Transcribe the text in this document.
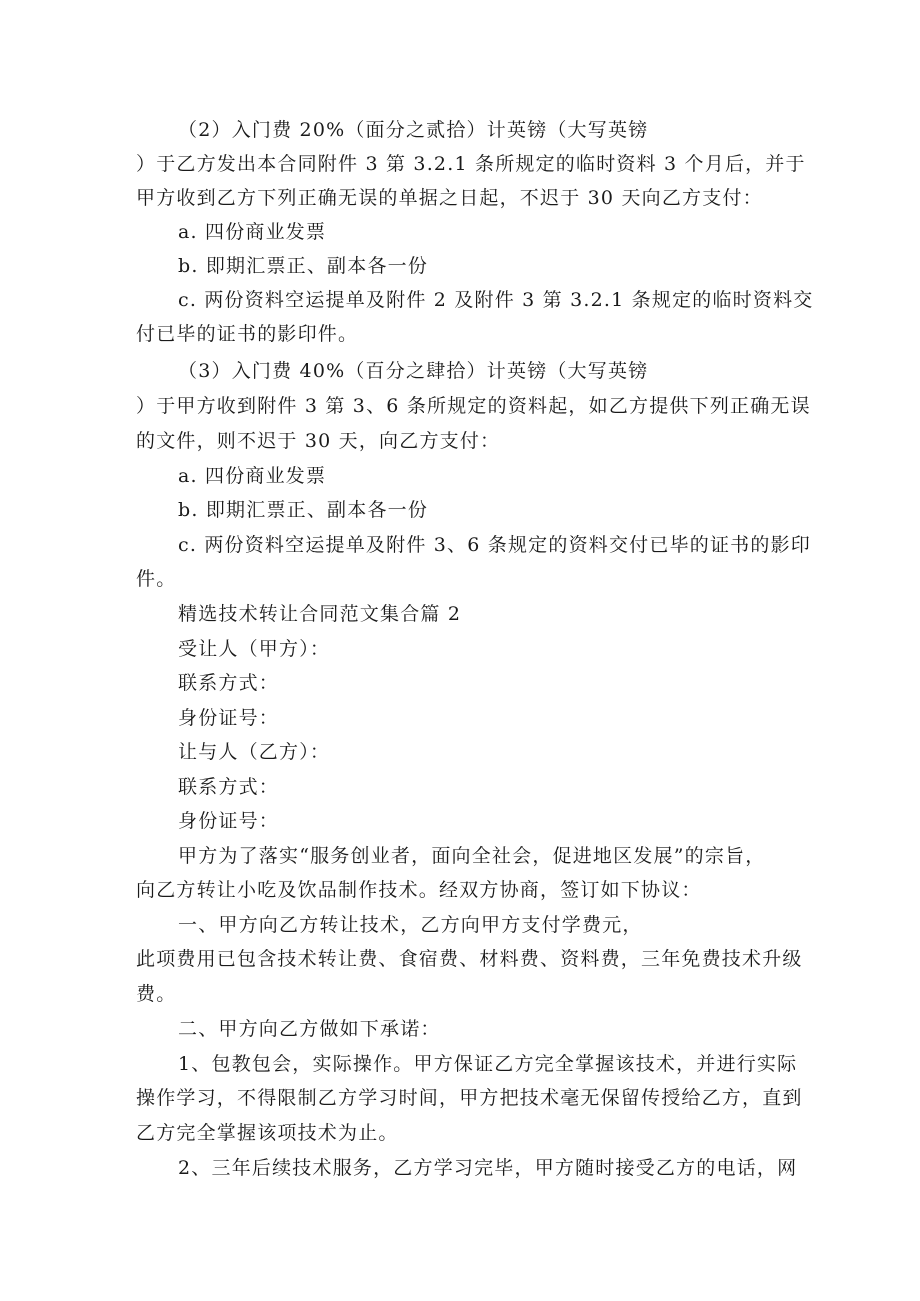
（2）入门费 20%（面分之贰拾）计英镑（大写英镑
）于乙方发出本合同附件 3 第 3.2.1 条所规定的临时资料 3 个月后，并于
甲方收到乙方下列正确无误的单据之日起，不迟于 30 天向乙方支付：
a. 四份商业发票
b. 即期汇票正、副本各一份
c. 两份资料空运提单及附件 2 及附件 3 第 3.2.1 条规定的临时资料交
付已毕的证书的影印件。
（3）入门费 40%（百分之肆拾）计英镑（大写英镑
）于甲方收到附件 3 第 3、6 条所规定的资料起，如乙方提供下列正确无误
的文件，则不迟于 30 天，向乙方支付：
a. 四份商业发票
b. 即期汇票正、副本各一份
c. 两份资料空运提单及附件 3、6 条规定的资料交付已毕的证书的影印
件。
精选技术转让合同范文集合篇 2
受让人（甲方）：
联系方式：
身份证号：
让与人（乙方）：
联系方式：
身份证号：
甲方为了落实“服务创业者，面向全社会，促进地区发展”的宗旨，
向乙方转让小吃及饮品制作技术。经双方协商，签订如下协议：
一、甲方向乙方转让技术，乙方向甲方支付学费元，
此项费用已包含技术转让费、食宿费、材料费、资料费，三年免费技术升级
费。
二、甲方向乙方做如下承诺：
1、包教包会，实际操作。甲方保证乙方完全掌握该技术，并进行实际
操作学习，不得限制乙方学习时间，甲方把技术毫无保留传授给乙方，直到
乙方完全掌握该项技术为止。
2、三年后续技术服务，乙方学习完毕，甲方随时接受乙方的电话，网
